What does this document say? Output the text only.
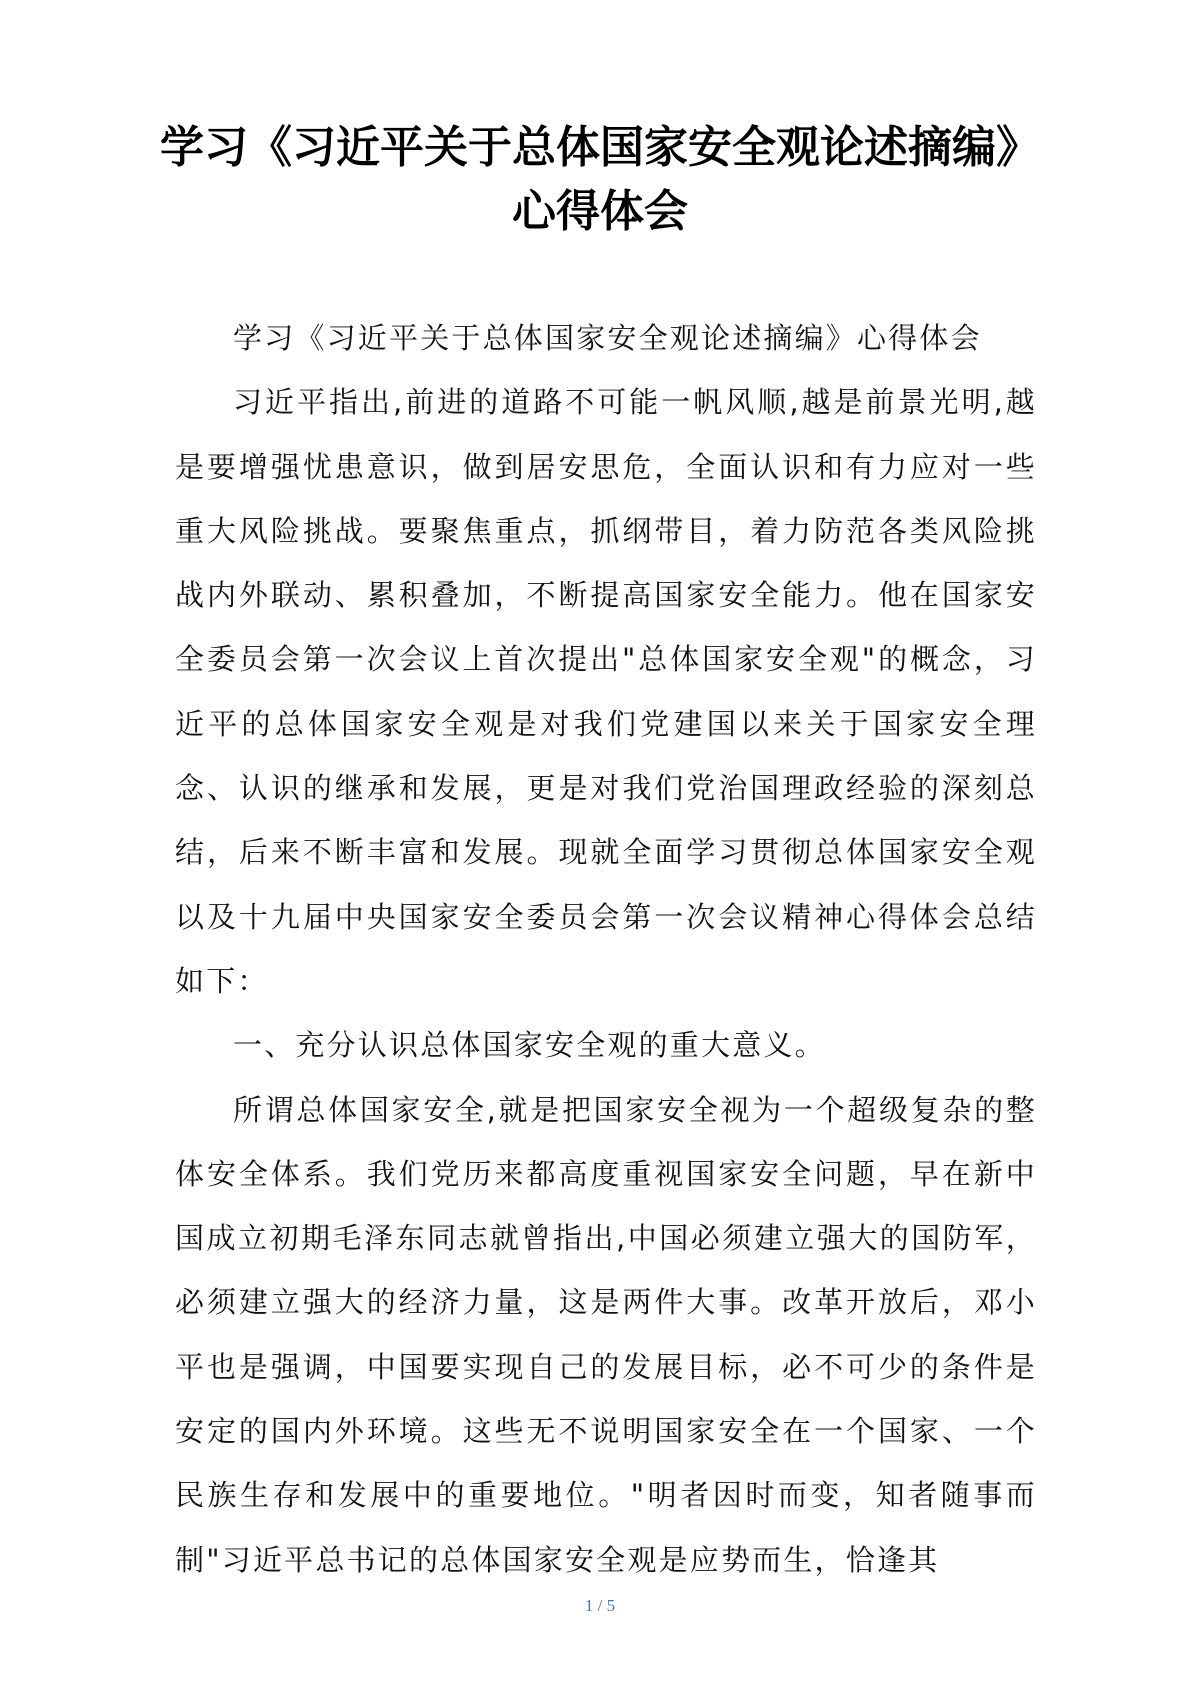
学习《习近平关于总体国家安全观论述摘编》
心得体会

学习《习近平关于总体国家安全观论述摘编》心得体会

习近平指出,前进的道路不可能一帆风顺,越是前景光明,越是要增强忧患意识，做到居安思危，全面认识和有力应对一些重大风险挑战。要聚焦重点，抓纲带目，着力防范各类风险挑战内外联动、累积叠加，不断提高国家安全能力。他在国家安全委员会第一次会议上首次提出"总体国家安全观"的概念，习近平的总体国家安全观是对我们党建国以来关于国家安全理念、认识的继承和发展，更是对我们党治国理政经验的深刻总结，后来不断丰富和发展。现就全面学习贯彻总体国家安全观以及十九届中央国家安全委员会第一次会议精神心得体会总结如下：

一、充分认识总体国家安全观的重大意义。

所谓总体国家安全,就是把国家安全视为一个超级复杂的整体安全体系。我们党历来都高度重视国家安全问题，早在新中国成立初期毛泽东同志就曾指出,中国必须建立强大的国防军，必须建立强大的经济力量，这是两件大事。改革开放后，邓小平也是强调，中国要实现自己的发展目标，必不可少的条件是安定的国内外环境。这些无不说明国家安全在一个国家、一个民族生存和发展中的重要地位。"明者因时而变，知者随事而制"习近平总书记的总体国家安全观是应势而生，恰逢其

1 / 5
